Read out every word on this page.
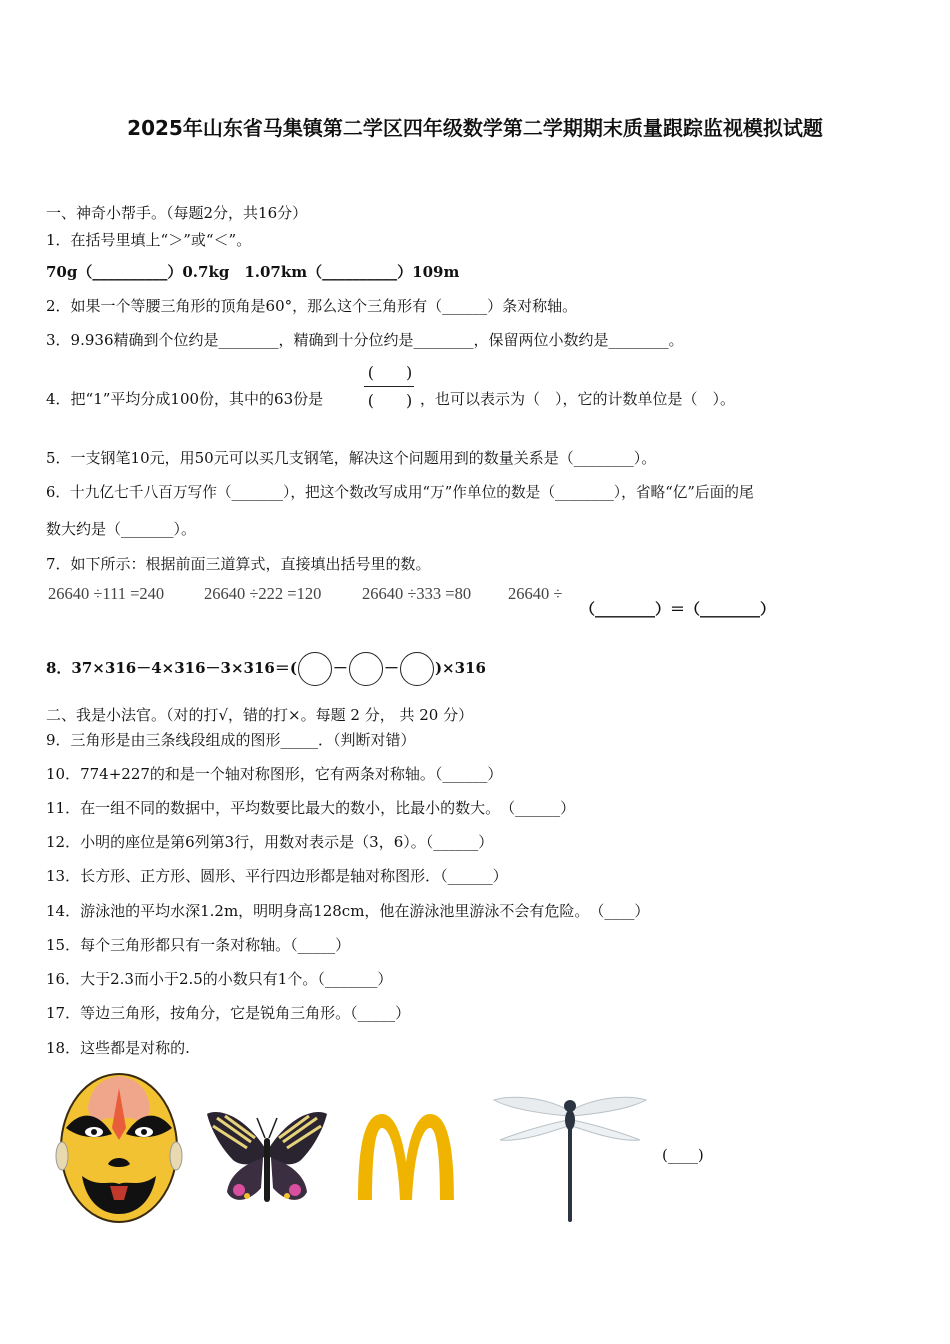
2025年山东省马集镇第二学区四年级数学第二学期期末质量跟踪监视模拟试题
一、神奇小帮手。（每题2分，共16分）
1．在括号里填上“＞”或“＜”。
70g（__________）0.7kg　1.07km（__________）109m
2．如果一个等腰三角形的顶角是60°，那么这个三角形有（______）条对称轴。
3．9.936精确到个位约是________，精确到十分位约是________，保留两位小数约是________。
4．把“1”平均分成100份，其中的63份是
(　　)
(　　) ，也可以表示为（　），它的计数单位是（　）。
5．一支钢笔10元，用50元可以买几支钢笔，解决这个问题用到的数量关系是（________）。
6．十九亿七千八百万写作（_______），把这个数改写成用“万”作单位的数是（________），省略“亿”后面的尾
数大约是（_______）。
7．如下所示：根据前面三道算式，直接填出括号里的数。
26640 ÷111 =240 26640 ÷222 =120 26640 ÷333 =80 26640 ÷
（________）＝（________）
8．37×316－4×316－3×316＝( － － )×316
二、我是小法官。（对的打√，错的打×。每题 2 分， 共 20 分）
9．三角形是由三条线段组成的图形_____．（判断对错）
10．774+227的和是一个轴对称图形，它有两条对称轴。（______）
11．在一组不同的数据中，平均数要比最大的数小，比最小的数大。　（______）
12．小明的座位是第6列第3行，用数对表示是（3，6）。（______）
13．长方形、正方形、圆形、平行四边形都是轴对称图形．（______）
14．游泳池的平均水深1.2m，明明身高128cm，他在游泳池里游泳不会有危险。　（____）
15．每个三角形都只有一条对称轴。（_____）
16．大于2.3而小于2.5的小数只有1个。（_______）
17．等边三角形，按角分，它是锐角三角形。（_____）
18．这些都是对称的.
(____)
